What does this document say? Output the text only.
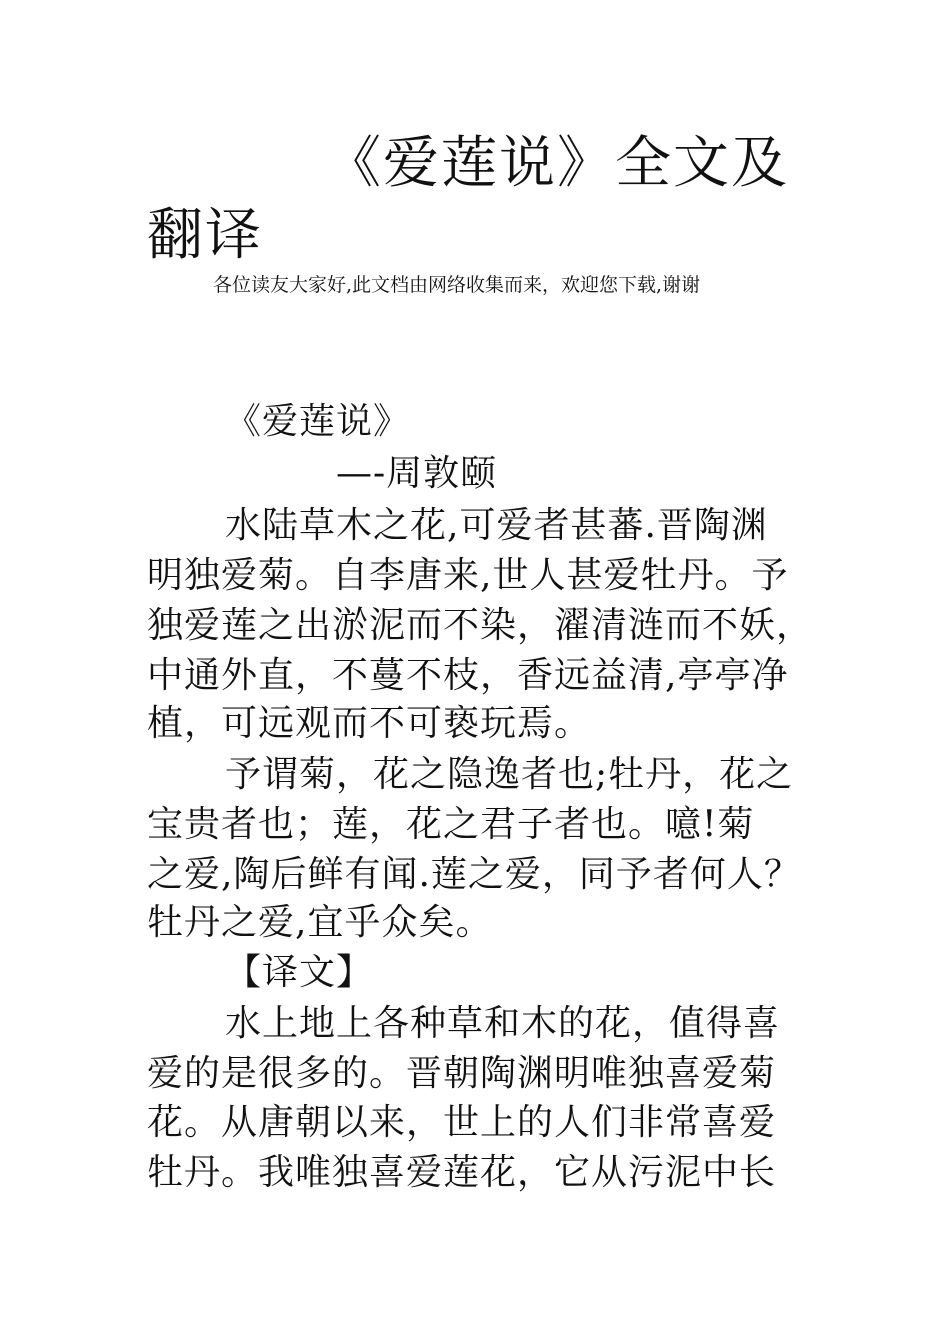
《爱莲说》全文及
翻译
各位读友大家好,此文档由网络收集而来，欢迎您下载,谢谢
《爱莲说》
—-周敦颐
水陆草木之花,可爱者甚蕃.晋陶渊
明独爱菊。自李唐来,世人甚爱牡丹。予
独爱莲之出淤泥而不染，濯清涟而不妖，
中通外直，不蔓不枝，香远益清,亭亭净
植，可远观而不可亵玩焉。
予谓菊，花之隐逸者也;牡丹，花之
宝贵者也；莲，花之君子者也。噫!菊
之爱,陶后鲜有闻.莲之爱，同予者何人？
牡丹之爱,宜乎众矣。
【译文】
水上地上各种草和木的花，值得喜
爱的是很多的。晋朝陶渊明唯独喜爱菊
花。从唐朝以来，世上的人们非常喜爱
牡丹。我唯独喜爱莲花，它从污泥中长
